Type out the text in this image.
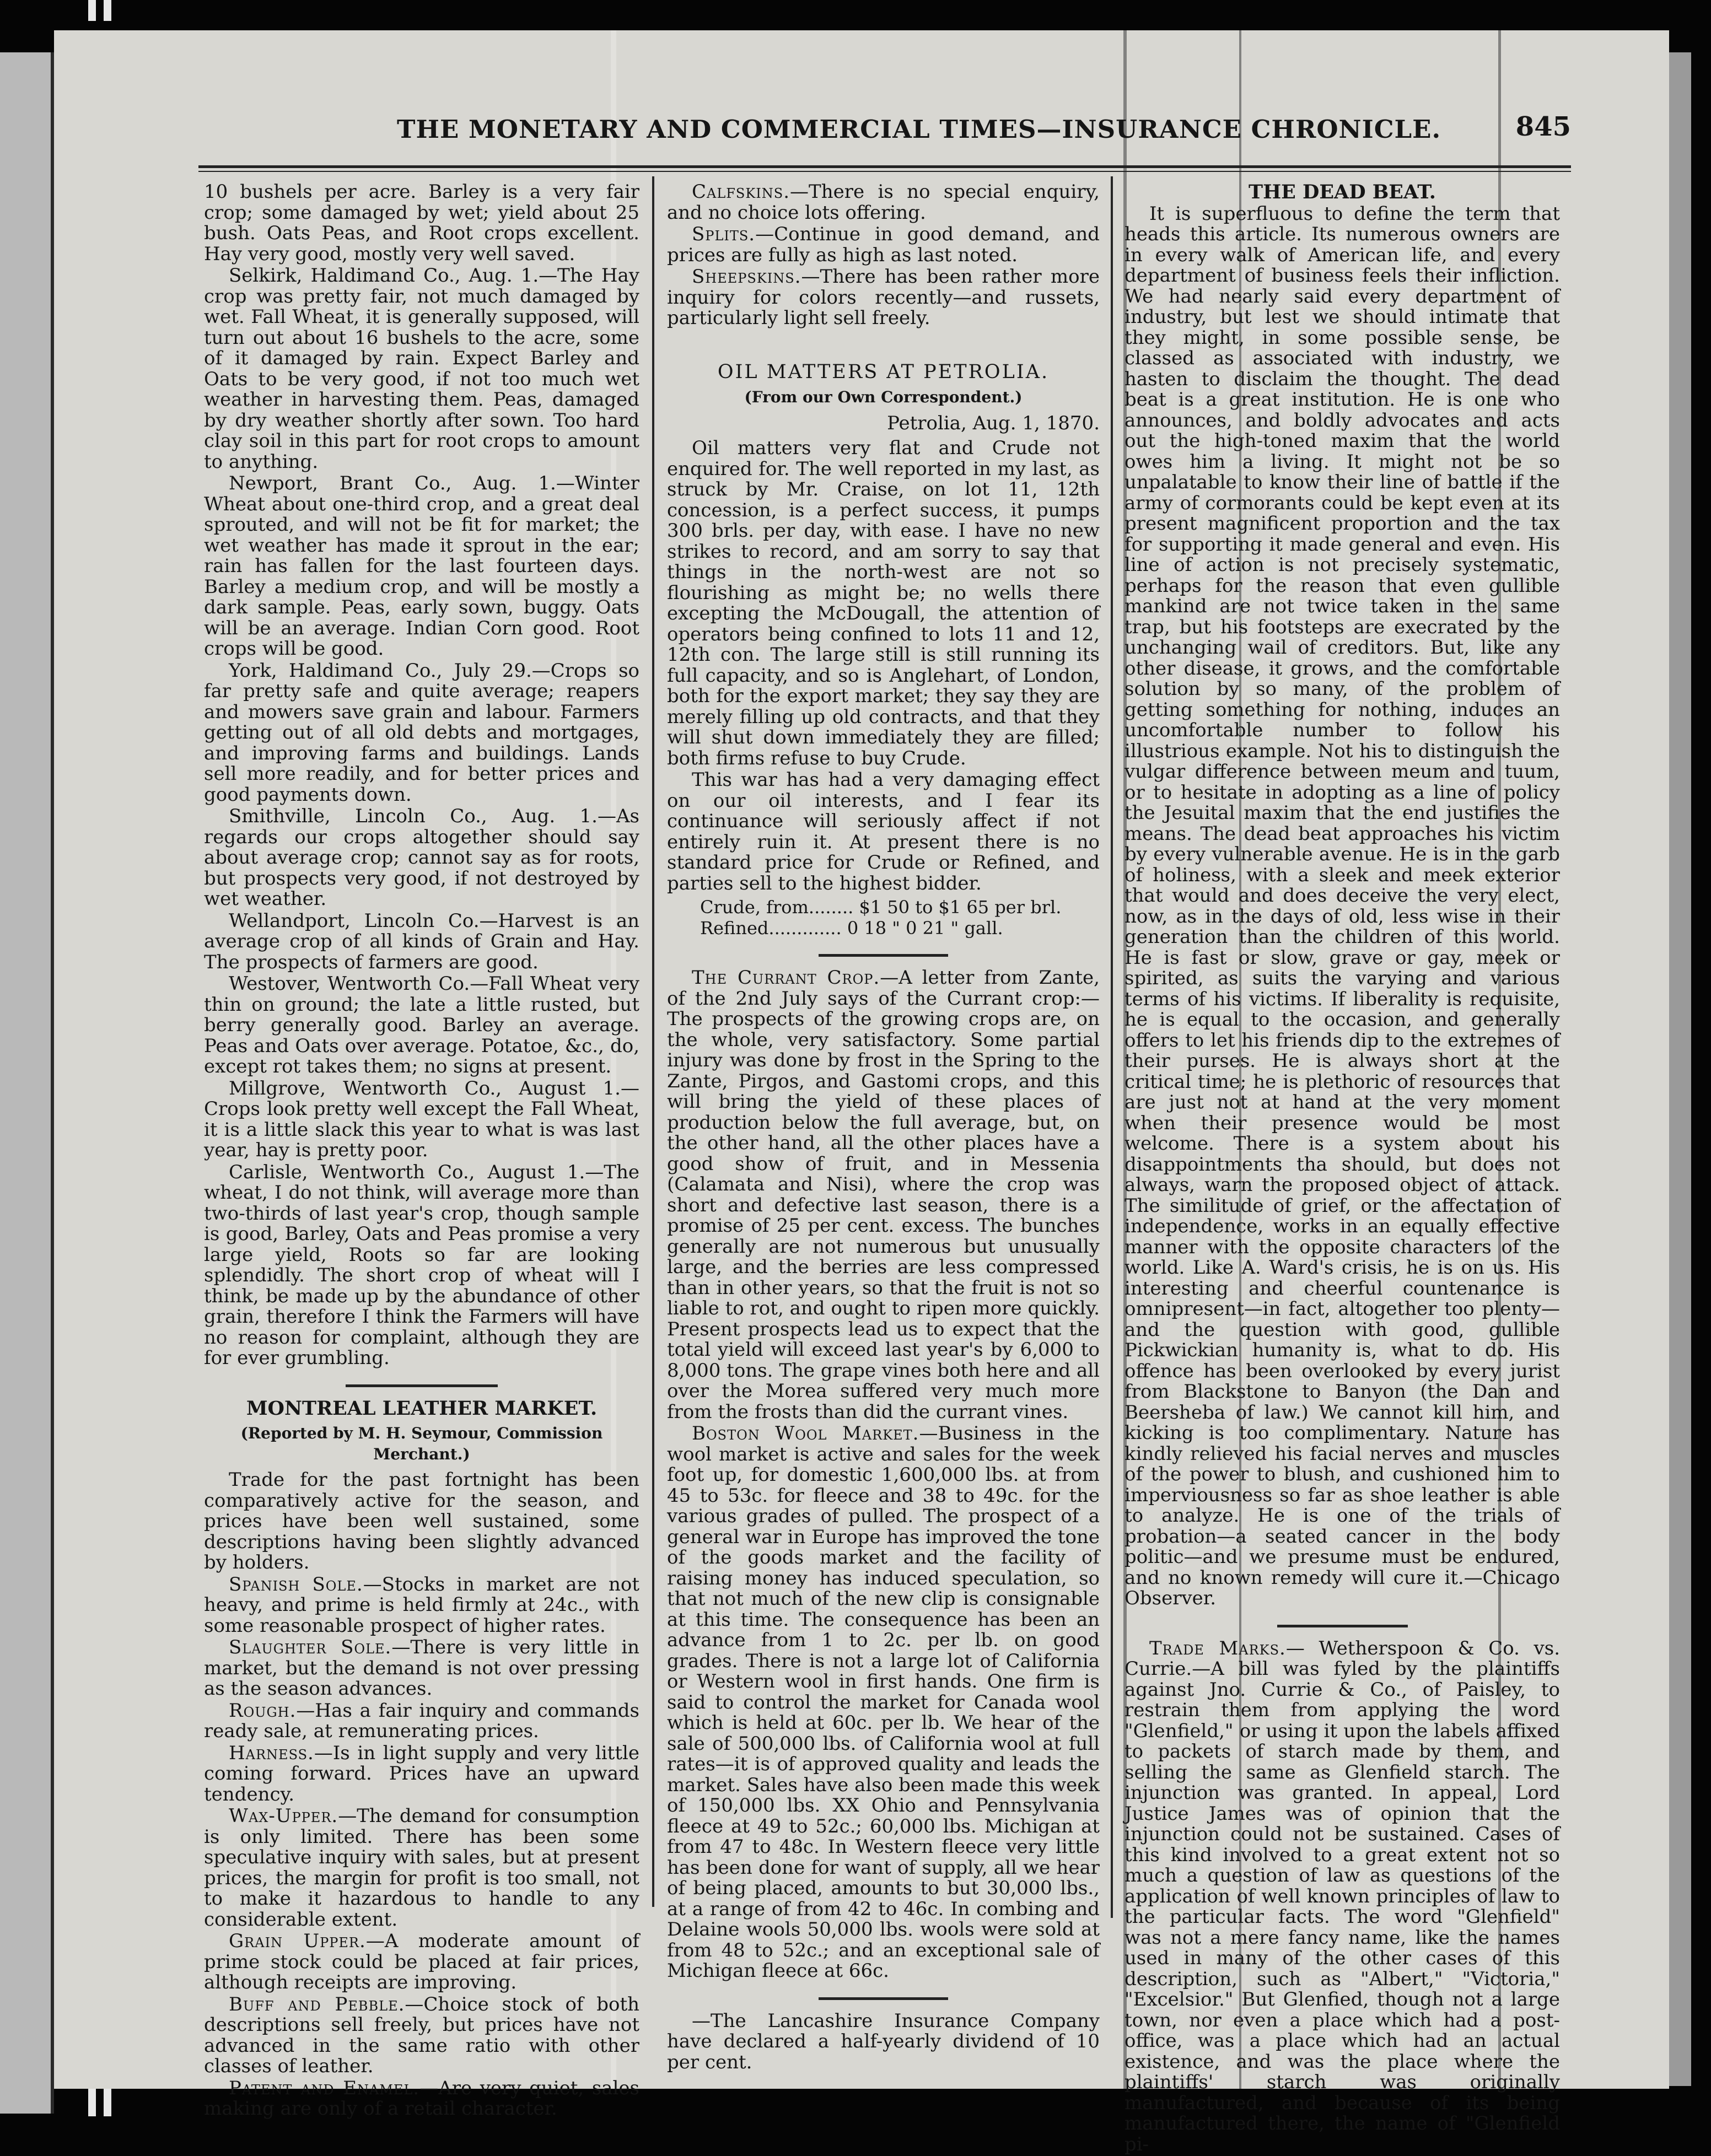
THE MONETARY AND COMMERCIAL TIMES—INSURANCE CHRONICLE.	845

10 bushels per acre. Barley is a very fair crop; some damaged by wet; yield about 25 bush. Oats Peas, and Root crops excellent. Hay very good, mostly very well saved.

Selkirk, Haldimand Co., Aug. 1.—The Hay crop was pretty fair, not much damaged by wet. Fall Wheat, it is generally supposed, will turn out about 16 bushels to the acre, some of it damaged by rain. Expect Barley and Oats to be very good, if not too much wet weather in harvesting them. Peas, damaged by dry weather shortly after sown. Too hard clay soil in this part for root crops to amount to anything.

Newport, Brant Co., Aug. 1.—Winter Wheat about one-third crop, and a great deal sprouted, and will not be fit for market; the wet weather has made it sprout in the ear; rain has fallen for the last fourteen days. Barley a medium crop, and will be mostly a dark sample. Peas, early sown, buggy. Oats will be an average. Indian Corn good. Root crops will be good.

York, Haldimand Co., July 29.—Crops so far pretty safe and quite average; reapers and mowers save grain and labour. Farmers getting out of all old debts and mortgages, and improving farms and buildings. Lands sell more readily, and for better prices and good payments down.

Smithville, Lincoln Co., Aug. 1.—As regards our crops altogether should say about average crop; cannot say as for roots, but prospects very good, if not destroyed by wet weather.

Wellandport, Lincoln Co.—Harvest is an average crop of all kinds of Grain and Hay. The prospects of farmers are good.

Westover, Wentworth Co.—Fall Wheat very thin on ground; the late a little rusted, but berry generally good. Barley an average. Peas and Oats over average. Potatoe, &c., do, except rot takes them; no signs at present.

Millgrove, Wentworth Co., August 1.—Crops look pretty well except the Fall Wheat, it is a little slack this year to what is was last year, hay is pretty poor.

Carlisle, Wentworth Co., August 1.—The wheat, I do not think, will average more than two-thirds of last year's crop, though sample is good, Barley, Oats and Peas promise a very large yield, Roots so far are looking splendidly. The short crop of wheat will I think, be made up by the abundance of other grain, therefore I think the Farmers will have no reason for complaint, although they are for ever grumbling.

MONTREAL LEATHER MARKET.

(Reported by M. H. Seymour, Commission Merchant.)

Trade for the past fortnight has been comparatively active for the season, and prices have been well sustained, some descriptions having been slightly advanced by holders.

Spanish Sole.—Stocks in market are not heavy, and prime is held firmly at 24c., with some reasonable prospect of higher rates.

Slaughter Sole.—There is very little in market, but the demand is not over pressing as the season advances.

Rough.—Has a fair inquiry and commands ready sale, at remunerating prices.

Harness.—Is in light supply and very little coming forward. Prices have an upward tendency.

Wax-Upper.—The demand for consumption is only limited. There has been some speculative inquiry with sales, but at present prices, the margin for profit is too small, not to make it hazardous to handle to any considerable extent.

Grain Upper.—A moderate amount of prime stock could be placed at fair prices, although receipts are improving.

Buff and Pebble.—Choice stock of both descriptions sell freely, but prices have not advanced in the same ratio with other classes of leather.

Patent and Enamel.—Are very quiet, sales making are only of a retail character.

Calfskins.—There is no special enquiry, and no choice lots offering.

Splits.—Continue in good demand, and prices are fully as high as last noted.

Sheepskins.—There has been rather more inquiry for colors recently—and russets, particularly light sell freely.

OIL MATTERS AT PETROLIA.

(From our Own Correspondent.)
Petrolia, Aug. 1, 1870.

Oil matters very flat and Crude not enquired for. The well reported in my last, as struck by Mr. Craise, on lot 11, 12th concession, is a perfect success, it pumps 300 brls. per day, with ease. I have no new strikes to record, and am sorry to say that things in the north-west are not so flourishing as might be; no wells there excepting the McDougall, the attention of operators being confined to lots 11 and 12, 12th con. The large still is still running its full capacity, and so is Anglehart, of London, both for the export market; they say they are merely filling up old contracts, and that they will shut down immediately they are filled; both firms refuse to buy Crude.

This war has had a very damaging effect on our oil interests, and I fear its continuance will seriously affect if not entirely ruin it. At present there is no standard price for Crude or Refined, and parties sell to the highest bidder.

Crude, from........ $1 50 to $1 65 per brl.
Refined............. 0 18 " 0 21 " gall.

The Currant Crop.—A letter from Zante, of the 2nd July says of the Currant crop:—The prospects of the growing crops are, on the whole, very satisfactory. Some partial injury was done by frost in the Spring to the Zante, Pirgos, and Gastomi crops, and this will bring the yield of these places of production below the full average, but, on the other hand, all the other places have a good show of fruit, and in Messenia (Calamata and Nisi), where the crop was short and defective last season, there is a promise of 25 per cent. excess. The bunches generally are not numerous but unusually large, and the berries are less compressed than in other years, so that the fruit is not so liable to rot, and ought to ripen more quickly. Present prospects lead us to expect that the total yield will exceed last year's by 6,000 to 8,000 tons. The grape vines both here and all over the Morea suffered very much more from the frosts than did the currant vines.

Boston Wool Market.—Business in the wool market is active and sales for the week foot up, for domestic 1,600,000 lbs. at from 45 to 53c. for fleece and 38 to 49c. for the various grades of pulled. The prospect of a general war in Europe has improved the tone of the goods market and the facility of raising money has induced speculation, so that not much of the new clip is consignable at this time. The consequence has been an advance from 1 to 2c. per lb. on good grades. There is not a large lot of California or Western wool in first hands. One firm is said to control the market for Canada wool which is held at 60c. per lb. We hear of the sale of 500,000 lbs. of California wool at full rates—it is of approved quality and leads the market. Sales have also been made this week of 150,000 lbs. XX Ohio and Pennsylvania fleece at 49 to 52c.; 60,000 lbs. Michigan at from 47 to 48c. In Western fleece very little has been done for want of supply, all we hear of being placed, amounts to but 30,000 lbs., at a range of from 42 to 46c. In combing and Delaine wools 50,000 lbs. wools were sold at from 48 to 52c.; and an exceptional sale of Michigan fleece at 66c.

—The Lancashire Insurance Company have declared a half-yearly dividend of 10 per cent.

THE DEAD BEAT.

It is superfluous to define the term that heads this article. Its numerous owners are in every walk of American life, and every department of business feels their infliction. We had nearly said every department of industry, but lest we should intimate that they might, in some possible sense, be classed as associated with industry, we hasten to disclaim the thought. The dead beat is a great institution. He is one who announces, and boldly advocates and acts out the high-toned maxim that the world owes him a living. It might not be so unpalatable to know their line of battle if the army of cormorants could be kept even at its present magnificent proportion and the tax for supporting it made general and even. His line of action is not precisely systematic, perhaps for the reason that even gullible mankind are not twice taken in the same trap, but his footsteps are execrated by the unchanging wail of creditors. But, like any other disease, it grows, and the comfortable solution by so many, of the problem of getting something for nothing, induces an uncomfortable number to follow his illustrious example. Not his to distinguish the vulgar difference between meum and tuum, or to hesitate in adopting as a line of policy the Jesuital maxim that the end justifies the means. The dead beat approaches his victim by every vulnerable avenue. He is in the garb of holiness, with a sleek and meek exterior that would and does deceive the very elect, now, as in the days of old, less wise in their generation than the children of this world. He is fast or slow, grave or gay, meek or spirited, as suits the varying and various terms of his victims. If liberality is requisite, he is equal to the occasion, and generally offers to let his friends dip to the extremes of their purses. He is always short at the critical time; he is plethoric of resources that are just not at hand at the very moment when their presence would be most welcome. There is a system about his disappointments tha should, but does not always, warn the proposed object of attack. The similitude of grief, or the affectation of independence, works in an equally effective manner with the opposite characters of the world. Like A. Ward's crisis, he is on us. His interesting and cheerful countenance is omnipresent—in fact, altogether too plenty—and the question with good, gullible Pickwickian humanity is, what to do. His offence has been overlooked by every jurist from Blackstone to Banyon (the Dan and Beersheba of law.) We cannot kill him, and kicking is too complimentary. Nature has kindly relieved his facial nerves and muscles of the power to blush, and cushioned him to imperviousness so far as shoe leather is able to analyze. He is one of the trials of probation—a seated cancer in the body politic—and we presume must be endured, and no known remedy will cure it.—Chicago Observer.

Trade Marks.— Wetherspoon & Co. vs. Currie.—A bill was fyled by the plaintiffs against Jno. Currie & Co., of Paisley, to restrain them from applying the word "Glenfield," or using it upon the labels affixed to packets of starch made by them, and selling the same as Glenfield starch. The injunction was granted. In appeal, Lord Justice James was of opinion that the injunction could not be sustained. Cases of this kind involved to a great extent not so much a question of law as questions of the application of well known principles of law to the particular facts. The word "Glenfield" was not a mere fancy name, like the names used in many of the other cases of this description, such as "Albert," "Victoria," "Excelsior." But Glenfied, though not a large town, nor even a place which had a post-office, was a place which had an actual existence, and was the place where the plaintiffs' starch was originally manufactured, and because of its being manufactured there, the name of "Glenfield pi-
